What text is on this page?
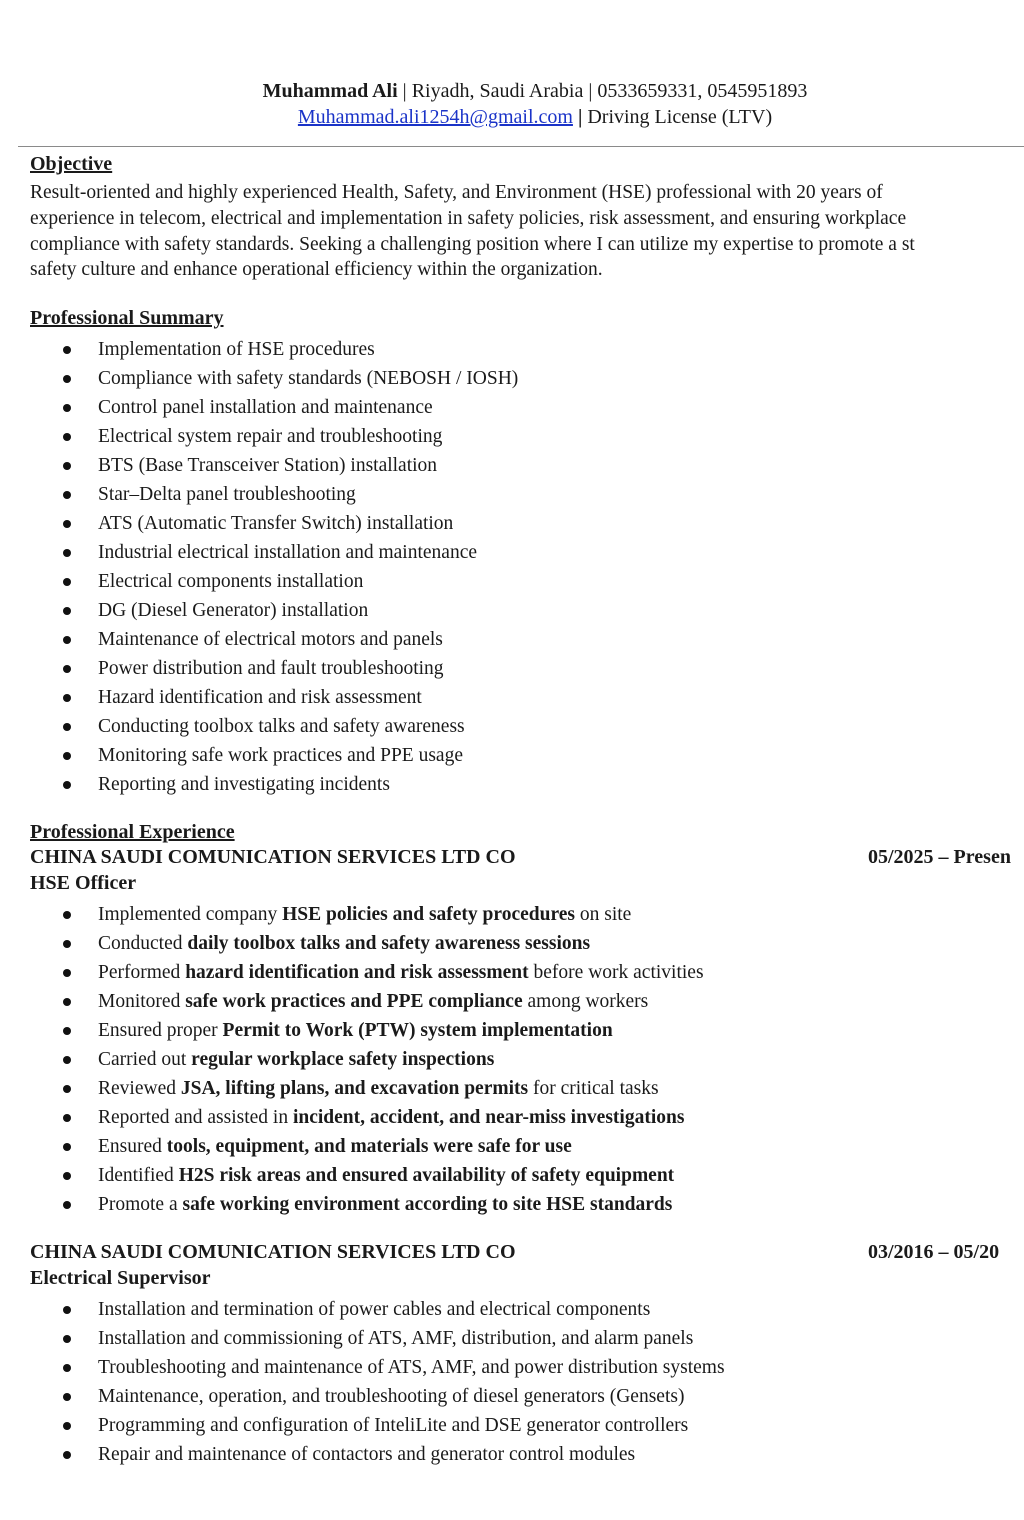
Muhammad Ali | Riyadh, Saudi Arabia | 0533659331, 0545951893
Muhammad.ali1254h@gmail.com | Driving License (LTV)
Objective
Result-oriented and highly experienced Health, Safety, and Environment (HSE) professional with 20 years of
experience in telecom, electrical and implementation in safety policies, risk assessment, and ensuring workplace
compliance with safety standards. Seeking a challenging position where I can utilize my expertise to promote a st
safety culture and enhance operational efficiency within the organization.
Professional Summary
Implementation of HSE procedures
Compliance with safety standards (NEBOSH / IOSH)
Control panel installation and maintenance
Electrical system repair and troubleshooting
BTS (Base Transceiver Station) installation
Star–Delta panel troubleshooting
ATS (Automatic Transfer Switch) installation
Industrial electrical installation and maintenance
Electrical components installation
DG (Diesel Generator) installation
Maintenance of electrical motors and panels
Power distribution and fault troubleshooting
Hazard identification and risk assessment
Conducting toolbox talks and safety awareness
Monitoring safe work practices and PPE usage
Reporting and investigating incidents
Professional Experience
CHINA SAUDI COMUNICATION SERVICES LTD CO	05/2025 – Presen
HSE Officer
Implemented company HSE policies and safety procedures on site
Conducted daily toolbox talks and safety awareness sessions
Performed hazard identification and risk assessment before work activities
Monitored safe work practices and PPE compliance among workers
Ensured proper Permit to Work (PTW) system implementation
Carried out regular workplace safety inspections
Reviewed JSA, lifting plans, and excavation permits for critical tasks
Reported and assisted in incident, accident, and near-miss investigations
Ensured tools, equipment, and materials were safe for use
Identified H2S risk areas and ensured availability of safety equipment
Promote a safe working environment according to site HSE standards
CHINA SAUDI COMUNICATION SERVICES LTD CO	03/2016 – 05/20
Electrical Supervisor
Installation and termination of power cables and electrical components
Installation and commissioning of ATS, AMF, distribution, and alarm panels
Troubleshooting and maintenance of ATS, AMF, and power distribution systems
Maintenance, operation, and troubleshooting of diesel generators (Gensets)
Programming and configuration of InteliLite and DSE generator controllers
Repair and maintenance of contactors and generator control modules
